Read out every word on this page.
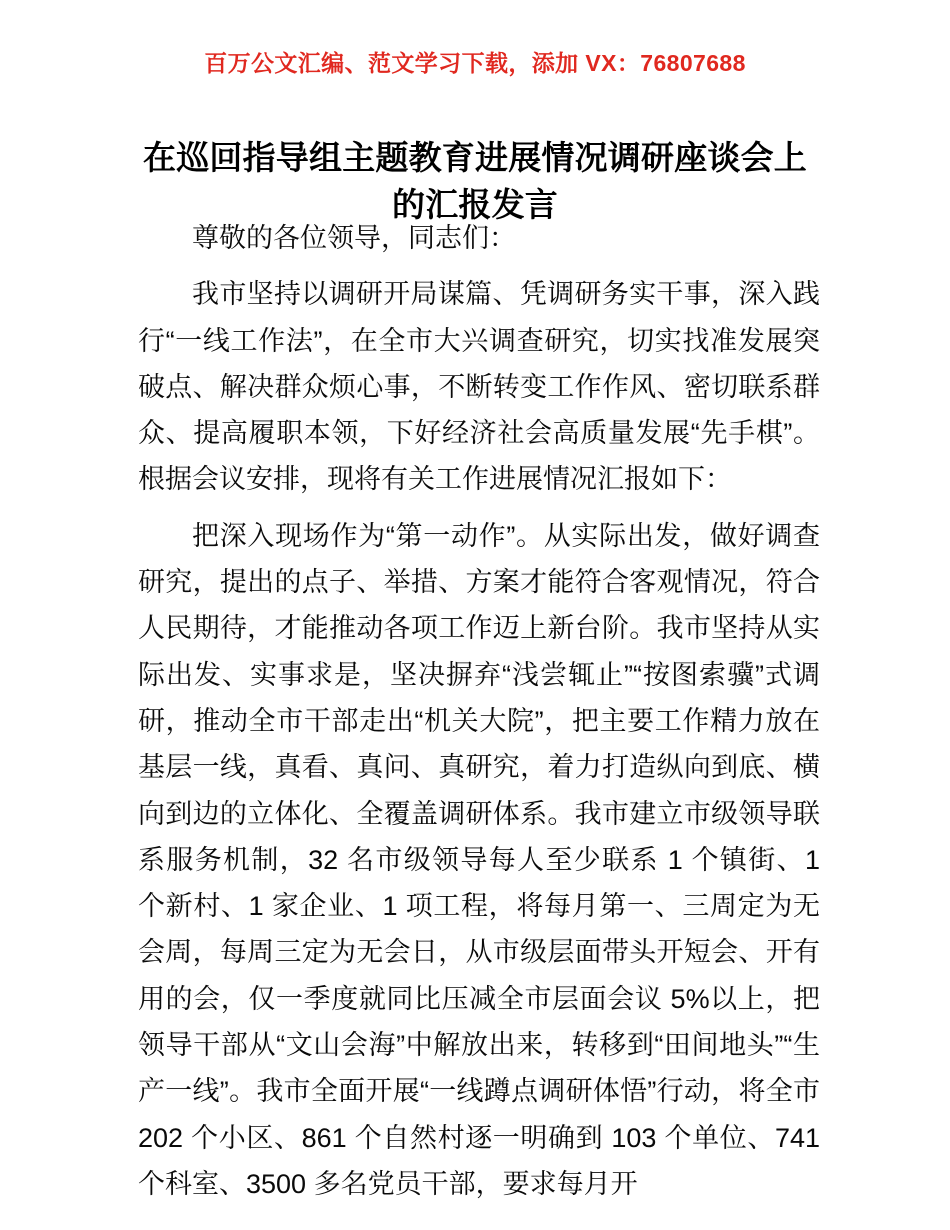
百万公文汇编、范文学习下载，添加 VX：76807688
在巡回指导组主题教育进展情况调研座谈会上的汇报发言

尊敬的各位领导，同志们：

我市坚持以调研开局谋篇、凭调研务实干事，深入践行“一线工作法”，在全市大兴调查研究，切实找准发展突破点、解决群众烦心事，不断转变工作作风、密切联系群众、提高履职本领，下好经济社会高质量发展“先手棋”。根据会议安排，现将有关工作进展情况汇报如下：

把深入现场作为“第一动作”。从实际出发，做好调查研究，提出的点子、举措、方案才能符合客观情况，符合人民期待，才能推动各项工作迈上新台阶。我市坚持从实际出发、实事求是，坚决摒弃“浅尝辄止”“按图索骥”式调研，推动全市干部走出“机关大院”，把主要工作精力放在基层一线，真看、真问、真研究，着力打造纵向到底、横向到边的立体化、全覆盖调研体系。我市建立市级领导联系服务机制，32 名市级领导每人至少联系 1 个镇街、1 个新村、1 家企业、1 项工程，将每月第一、三周定为无会周，每周三定为无会日，从市级层面带头开短会、开有用的会，仅一季度就同比压减全市层面会议 5%以上，把领导干部从“文山会海”中解放出来，转移到“田间地头”“生产一线”。我市全面开展“一线蹲点调研体悟”行动，将全市 202 个小区、861 个自然村逐一明确到 103 个单位、741 个科室、3500 多名党员干部，要求每月开
